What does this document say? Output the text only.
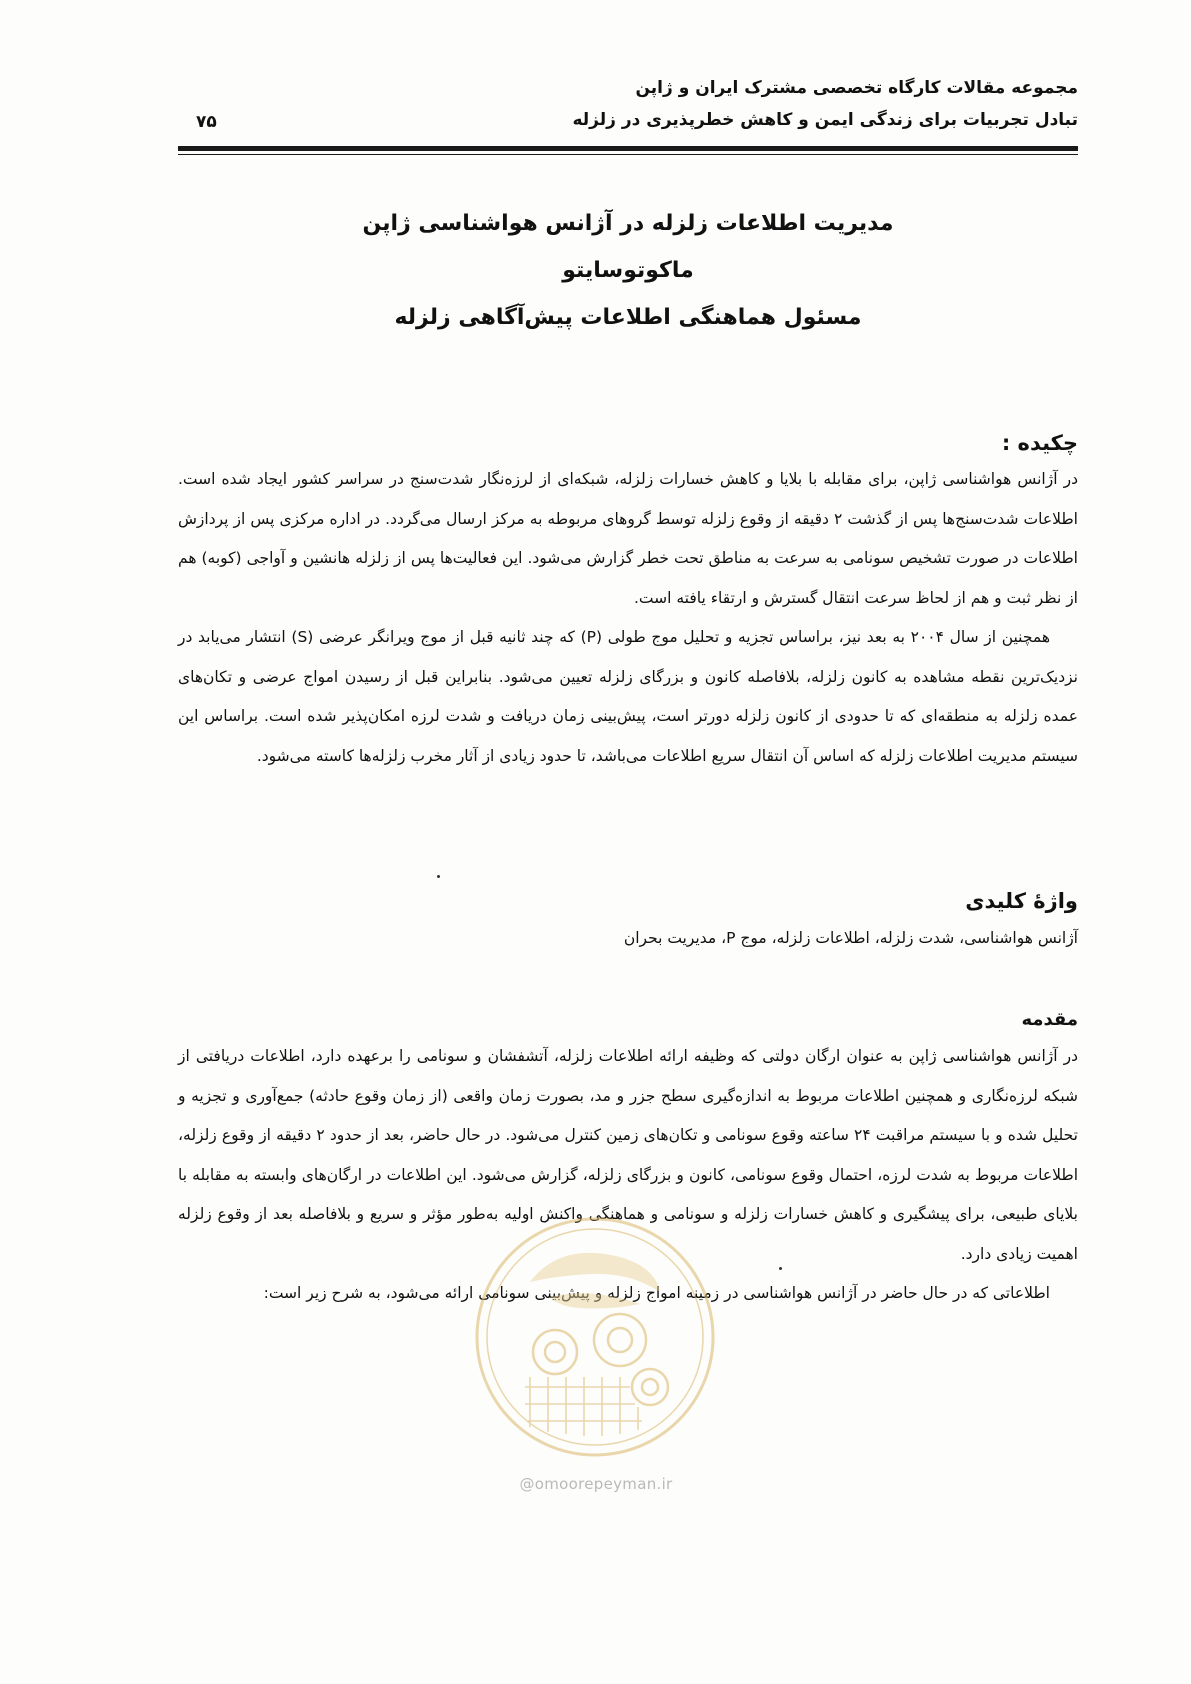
مجموعه مقالات کارگاه تخصصی مشترک ایران و ژاپن
تبادل تجربیات برای زندگی ایمن و کاهش خطرپذیری در زلزله
۷۵
مدیریت اطلاعات زلزله در آژانس هواشناسی ژاپن
ماکوتوسایتو
مسئول هماهنگی اطلاعات پیش‌آگاهی زلزله
چکیده :

در آژانس هواشناسی ژاپن، برای مقابله با بلایا و کاهش خسارات زلزله، شبکه‌ای از لرزه‌نگار شدت‌سنج در سراسر کشور ایجاد شده است. اطلاعات شدت‌سنج‌ها پس از گذشت ۲ دقیقه از وقوع زلزله توسط گروهای مربوطه به مرکز ارسال می‌گردد. در اداره مرکزی پس از پردازش اطلاعات در صورت تشخیص سونامی به سرعت به مناطق تحت خطر گزارش می‌شود. این فعالیت‌ها پس از زلزله هانشین و آواجی (کوبه) هم از نظر ثبت و هم از لحاظ سرعت انتقال گسترش و ارتقاء یافته است.

همچنین از سال ۲۰۰۴ به بعد نیز، براساس تجزیه و تحلیل موج طولی (P) که چند ثانیه قبل از موج ویرانگر عرضی (S) انتشار می‌یابد در نزدیک‌ترین نقطه مشاهده به کانون زلزله، بلافاصله کانون و بزرگای زلزله تعیین می‌شود. بنابراین قبل از رسیدن امواج عرضی و تکان‌های عمده زلزله به منطقه‌ای که تا حدودی از کانون زلزله دورتر است، پیش‌بینی زمان دریافت و شدت لرزه امکان‌پذیر شده است. براساس این سیستم مدیریت اطلاعات زلزله که اساس آن انتقال سریع اطلاعات می‌باشد، تا حدود زیادی از آثار مخرب زلزله‌ها کاسته می‌شود.

واژهٔ کلیدی

آژانس هواشناسی، شدت زلزله، اطلاعات زلزله، موج P، مدیریت بحران

مقدمه

در آژانس هواشناسی ژاپن به عنوان ارگان دولتی که وظیفه ارائه اطلاعات زلزله، آتشفشان و سونامی را برعهده دارد، اطلاعات دریافتی از شبکه لرزه‌نگاری و همچنین اطلاعات مربوط به اندازه‌گیری سطح جزر و مد، بصورت زمان واقعی (از زمان وقوع حادثه) جمع‌آوری و تجزیه و تحلیل شده و با سیستم مراقبت ۲۴ ساعته وقوع سونامی و تکان‌های زمین کنترل می‌شود. در حال حاضر، بعد از حدود ۲ دقیقه از وقوع زلزله، اطلاعات مربوط به شدت لرزه، احتمال وقوع سونامی، کانون و بزرگای زلزله، گزارش می‌شود. این اطلاعات در ارگان‌های وابسته به مقابله با بلایای طبیعی، برای پیشگیری و کاهش خسارات زلزله و سونامی و هماهنگی واکنش اولیه به‌طور مؤثر و سریع و بلافاصله بعد از وقوع زلزله اهمیت زیادی دارد.

اطلاعاتی که در حال حاضر در آژانس هواشناسی در زمینه امواج زلزله و پیش‌بینی سونامی ارائه می‌شود، به شرح زیر است:

@omoorepeyman.ir
